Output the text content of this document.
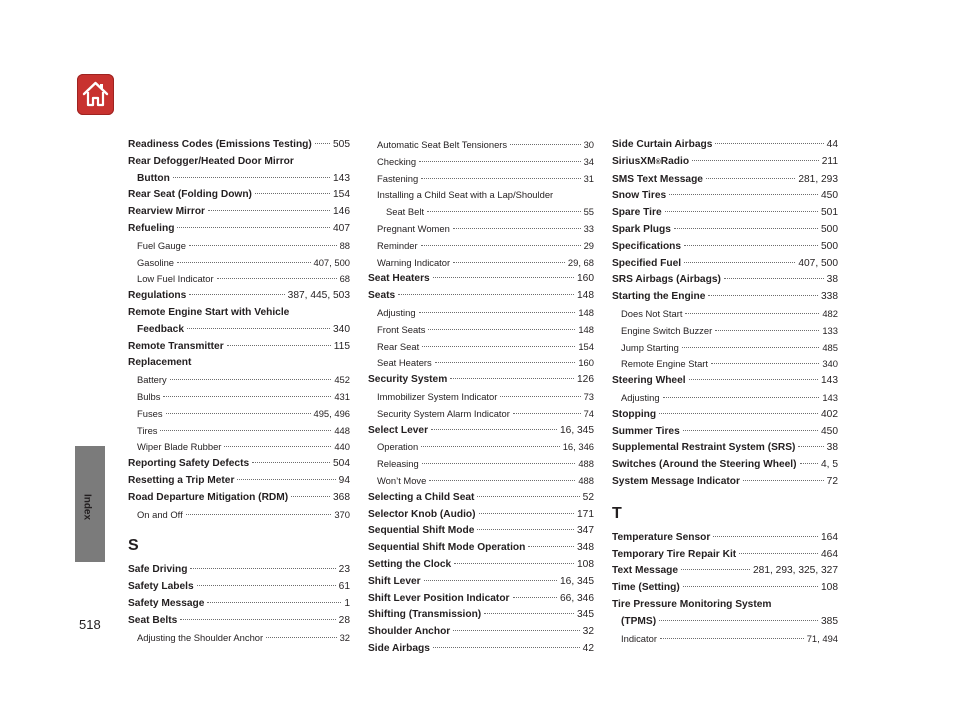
Index
518
Readiness Codes (Emissions Testing) 505
Rear Defogger/Heated Door Mirror
Button	143
Rear Seat (Folding Down)	154
Rearview Mirror	146
Refueling	407
Fuel Gauge	88
Gasoline	407, 500
Low Fuel Indicator	68
Regulations	387, 445, 503
Remote Engine Start with Vehicle
Feedback	340
Remote Transmitter	115
Replacement
Battery	452
Bulbs	431
Fuses	495, 496
Tires	448
Wiper Blade Rubber	440
Reporting Safety Defects	504
Resetting a Trip Meter	94
Road Departure Mitigation (RDM)	368
On and Off	370
S
Safe Driving	23
Safety Labels	61
Safety Message	1
Seat Belts	28
Adjusting the Shoulder Anchor	32
Automatic Seat Belt Tensioners	30
Checking	34
Fastening	31
Installing a Child Seat with a Lap/Shoulder
Seat Belt	55
Pregnant Women	33
Reminder	29
Warning Indicator	29, 68
Seat Heaters	160
Seats	148
Adjusting	148
Front Seats	148
Rear Seat	154
Seat Heaters	160
Security System	126
Immobilizer System Indicator	73
Security System Alarm Indicator	74
Select Lever	16, 345
Operation	16, 346
Releasing	488
Won’t Move	488
Selecting a Child Seat	52
Selector Knob (Audio)	171
Sequential Shift Mode	347
Sequential Shift Mode Operation	348
Setting the Clock	108
Shift Lever	16, 345
Shift Lever Position Indicator	66, 346
Shifting (Transmission)	345
Shoulder Anchor	32
Side Airbags	42
Side Curtain Airbags	44
SiriusXM ® Radio	211
SMS Text Message	281, 293
Snow Tires	450
Spare Tire	501
Spark Plugs	500
Specifications	500
Specified Fuel	407, 500
SRS Airbags (Airbags)	38
Starting the Engine	338
Does Not Start	482
Engine Switch Buzzer	133
Jump Starting	485
Remote Engine Start	340
Steering Wheel	143
Adjusting	143
Stopping	402
Summer Tires	450
Supplemental Restraint System (SRS)	38
Switches (Around the Steering Wheel) 4, 5
System Message Indicator	72
T
Temperature Sensor	164
Temporary Tire Repair Kit	464
Text Message	281, 293, 325, 327
Time (Setting)	108
Tire Pressure Monitoring System
(TPMS)	385
Indicator	71, 494
